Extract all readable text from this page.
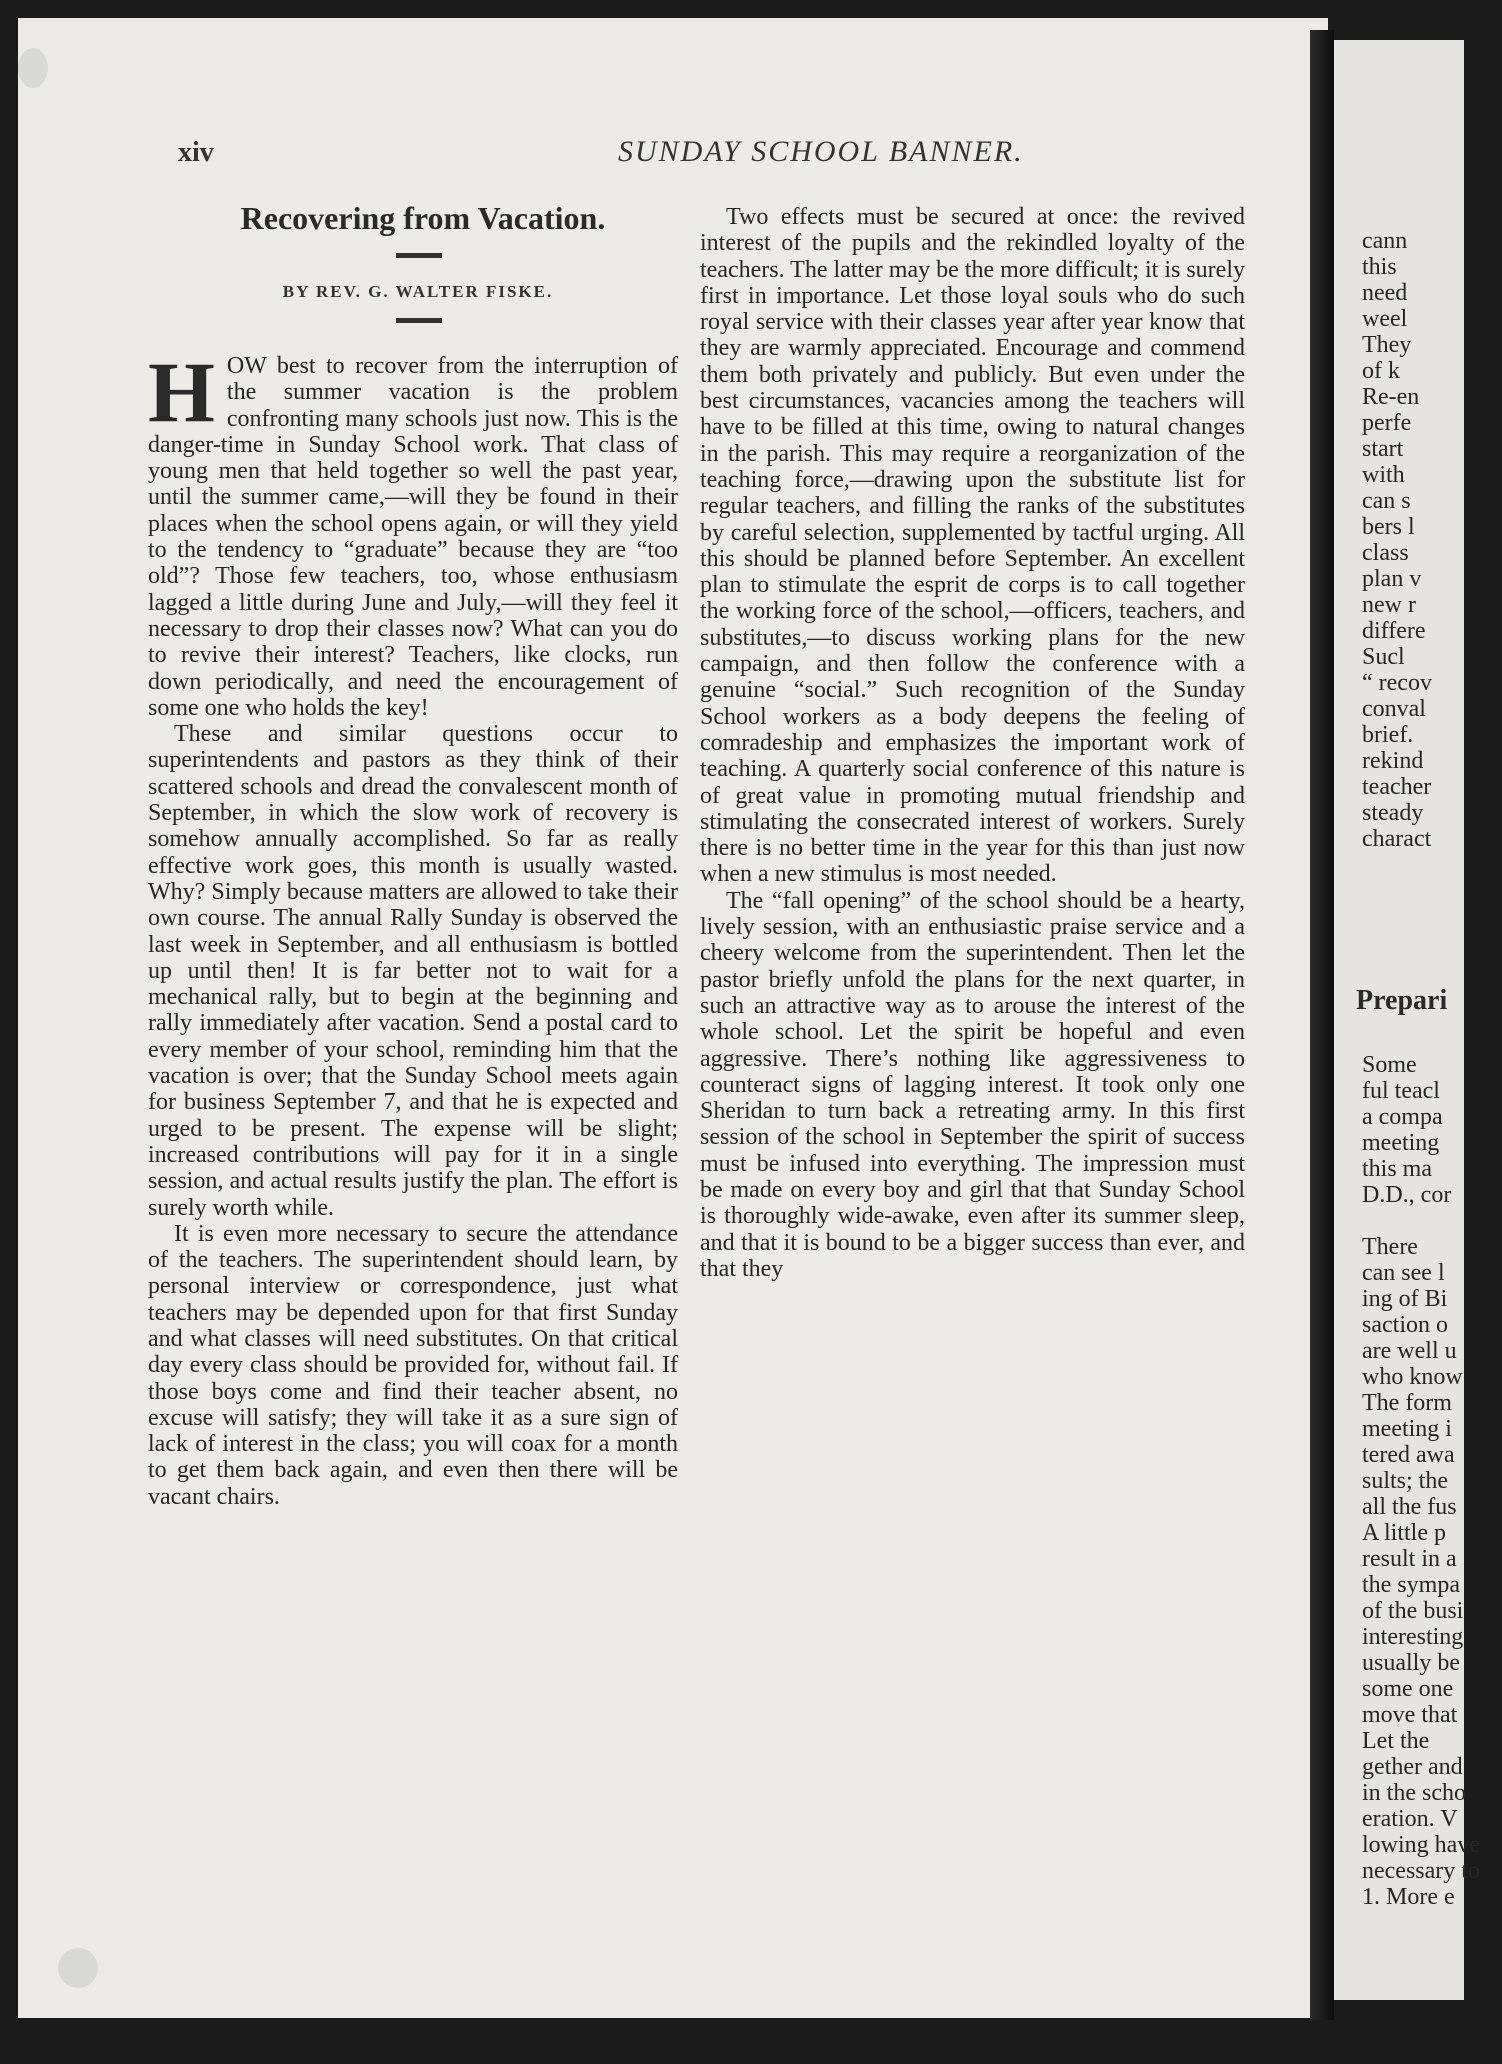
xiv	SUNDAY SCHOOL BANNER.
Recovering from Vacation.
BY REV. G. WALTER FISKE.

HOW best to recover from the interruption of the summer vacation is the problem confronting many schools just now. This is the danger-time in Sunday School work. That class of young men that held together so well the past year, until the summer came,—will they be found in their places when the school opens again, or will they yield to the tendency to “graduate” because they are “too old”? Those few teachers, too, whose enthusiasm lagged a little during June and July,—will they feel it necessary to drop their classes now? What can you do to revive their interest? Teachers, like clocks, run down periodically, and need the encouragement of some one who holds the key!

These and similar questions occur to superintendents and pastors as they think of their scattered schools and dread the convalescent month of September, in which the slow work of recovery is somehow annually accomplished. So far as really effective work goes, this month is usually wasted. Why? Simply because matters are allowed to take their own course. The annual Rally Sunday is observed the last week in September, and all enthusiasm is bottled up until then! It is far better not to wait for a mechanical rally, but to begin at the beginning and rally immediately after vacation. Send a postal card to every member of your school, reminding him that the vacation is over; that the Sunday School meets again for business September 7, and that he is expected and urged to be present. The expense will be slight; increased contributions will pay for it in a single session, and actual results justify the plan. The effort is surely worth while.

It is even more necessary to secure the attendance of the teachers. The superintendent should learn, by personal interview or correspondence, just what teachers may be depended upon for that first Sunday and what classes will need substitutes. On that critical day every class should be provided for, without fail. If those boys come and find their teacher absent, no excuse will satisfy; they will take it as a sure sign of lack of interest in the class; you will coax for a month to get them back again, and even then there will be vacant chairs.

Two effects must be secured at once: the revived interest of the pupils and the rekindled loyalty of the teachers. The latter may be the more difficult; it is surely first in importance. Let those loyal souls who do such royal service with their classes year after year know that they are warmly appreciated. Encourage and commend them both privately and publicly. But even under the best circumstances, vacancies among the teachers will have to be filled at this time, owing to natural changes in the parish. This may require a reorganization of the teaching force,—drawing upon the substitute list for regular teachers, and filling the ranks of the substitutes by careful selection, supplemented by tactful urging. All this should be planned before September. An excellent plan to stimulate the esprit de corps is to call together the working force of the school,—officers, teachers, and substitutes,—to discuss working plans for the new campaign, and then follow the conference with a genuine “social.” Such recognition of the Sunday School workers as a body deepens the feeling of comradeship and emphasizes the important work of teaching. A quarterly social conference of this nature is of great value in promoting mutual friendship and stimulating the consecrated interest of workers. Surely there is no better time in the year for this than just now when a new stimulus is most needed.

The “fall opening” of the school should be a hearty, lively session, with an enthusiastic praise service and a cheery welcome from the superintendent. Then let the pastor briefly unfold the plans for the next quarter, in such an attractive way as to arouse the interest of the whole school. Let the spirit be hopeful and even aggressive. There’s nothing like aggressiveness to counteract signs of lagging interest. It took only one Sheridan to turn back a retreating army. In this first session of the school in September the spirit of success must be infused into everything. The impression must be made on every boy and girl that that Sunday School is thoroughly wide-awake, even after its summer sleep, and that it is bound to be a bigger success than ever, and that they

cann
this
need
weel
They
of k
Re-en
perfe
start
with
can s
bers l
class
plan v
new r
differe
Sucl
“ recov
conval
brief.
rekind
teacher
steady
charact
Prepari
Some
ful teacl
a compa
meeting
this ma
D.D., cor
There
can see l
ing of Bi
saction o
are well u
who know
The form
meeting i
tered awa
sults; the
all the fus
A little p
result in a
the sympa
of the busi
interesting
usually be
some one
move that
Let the
gether and
in the scho
eration. V
lowing have
necessary to
1. More e
